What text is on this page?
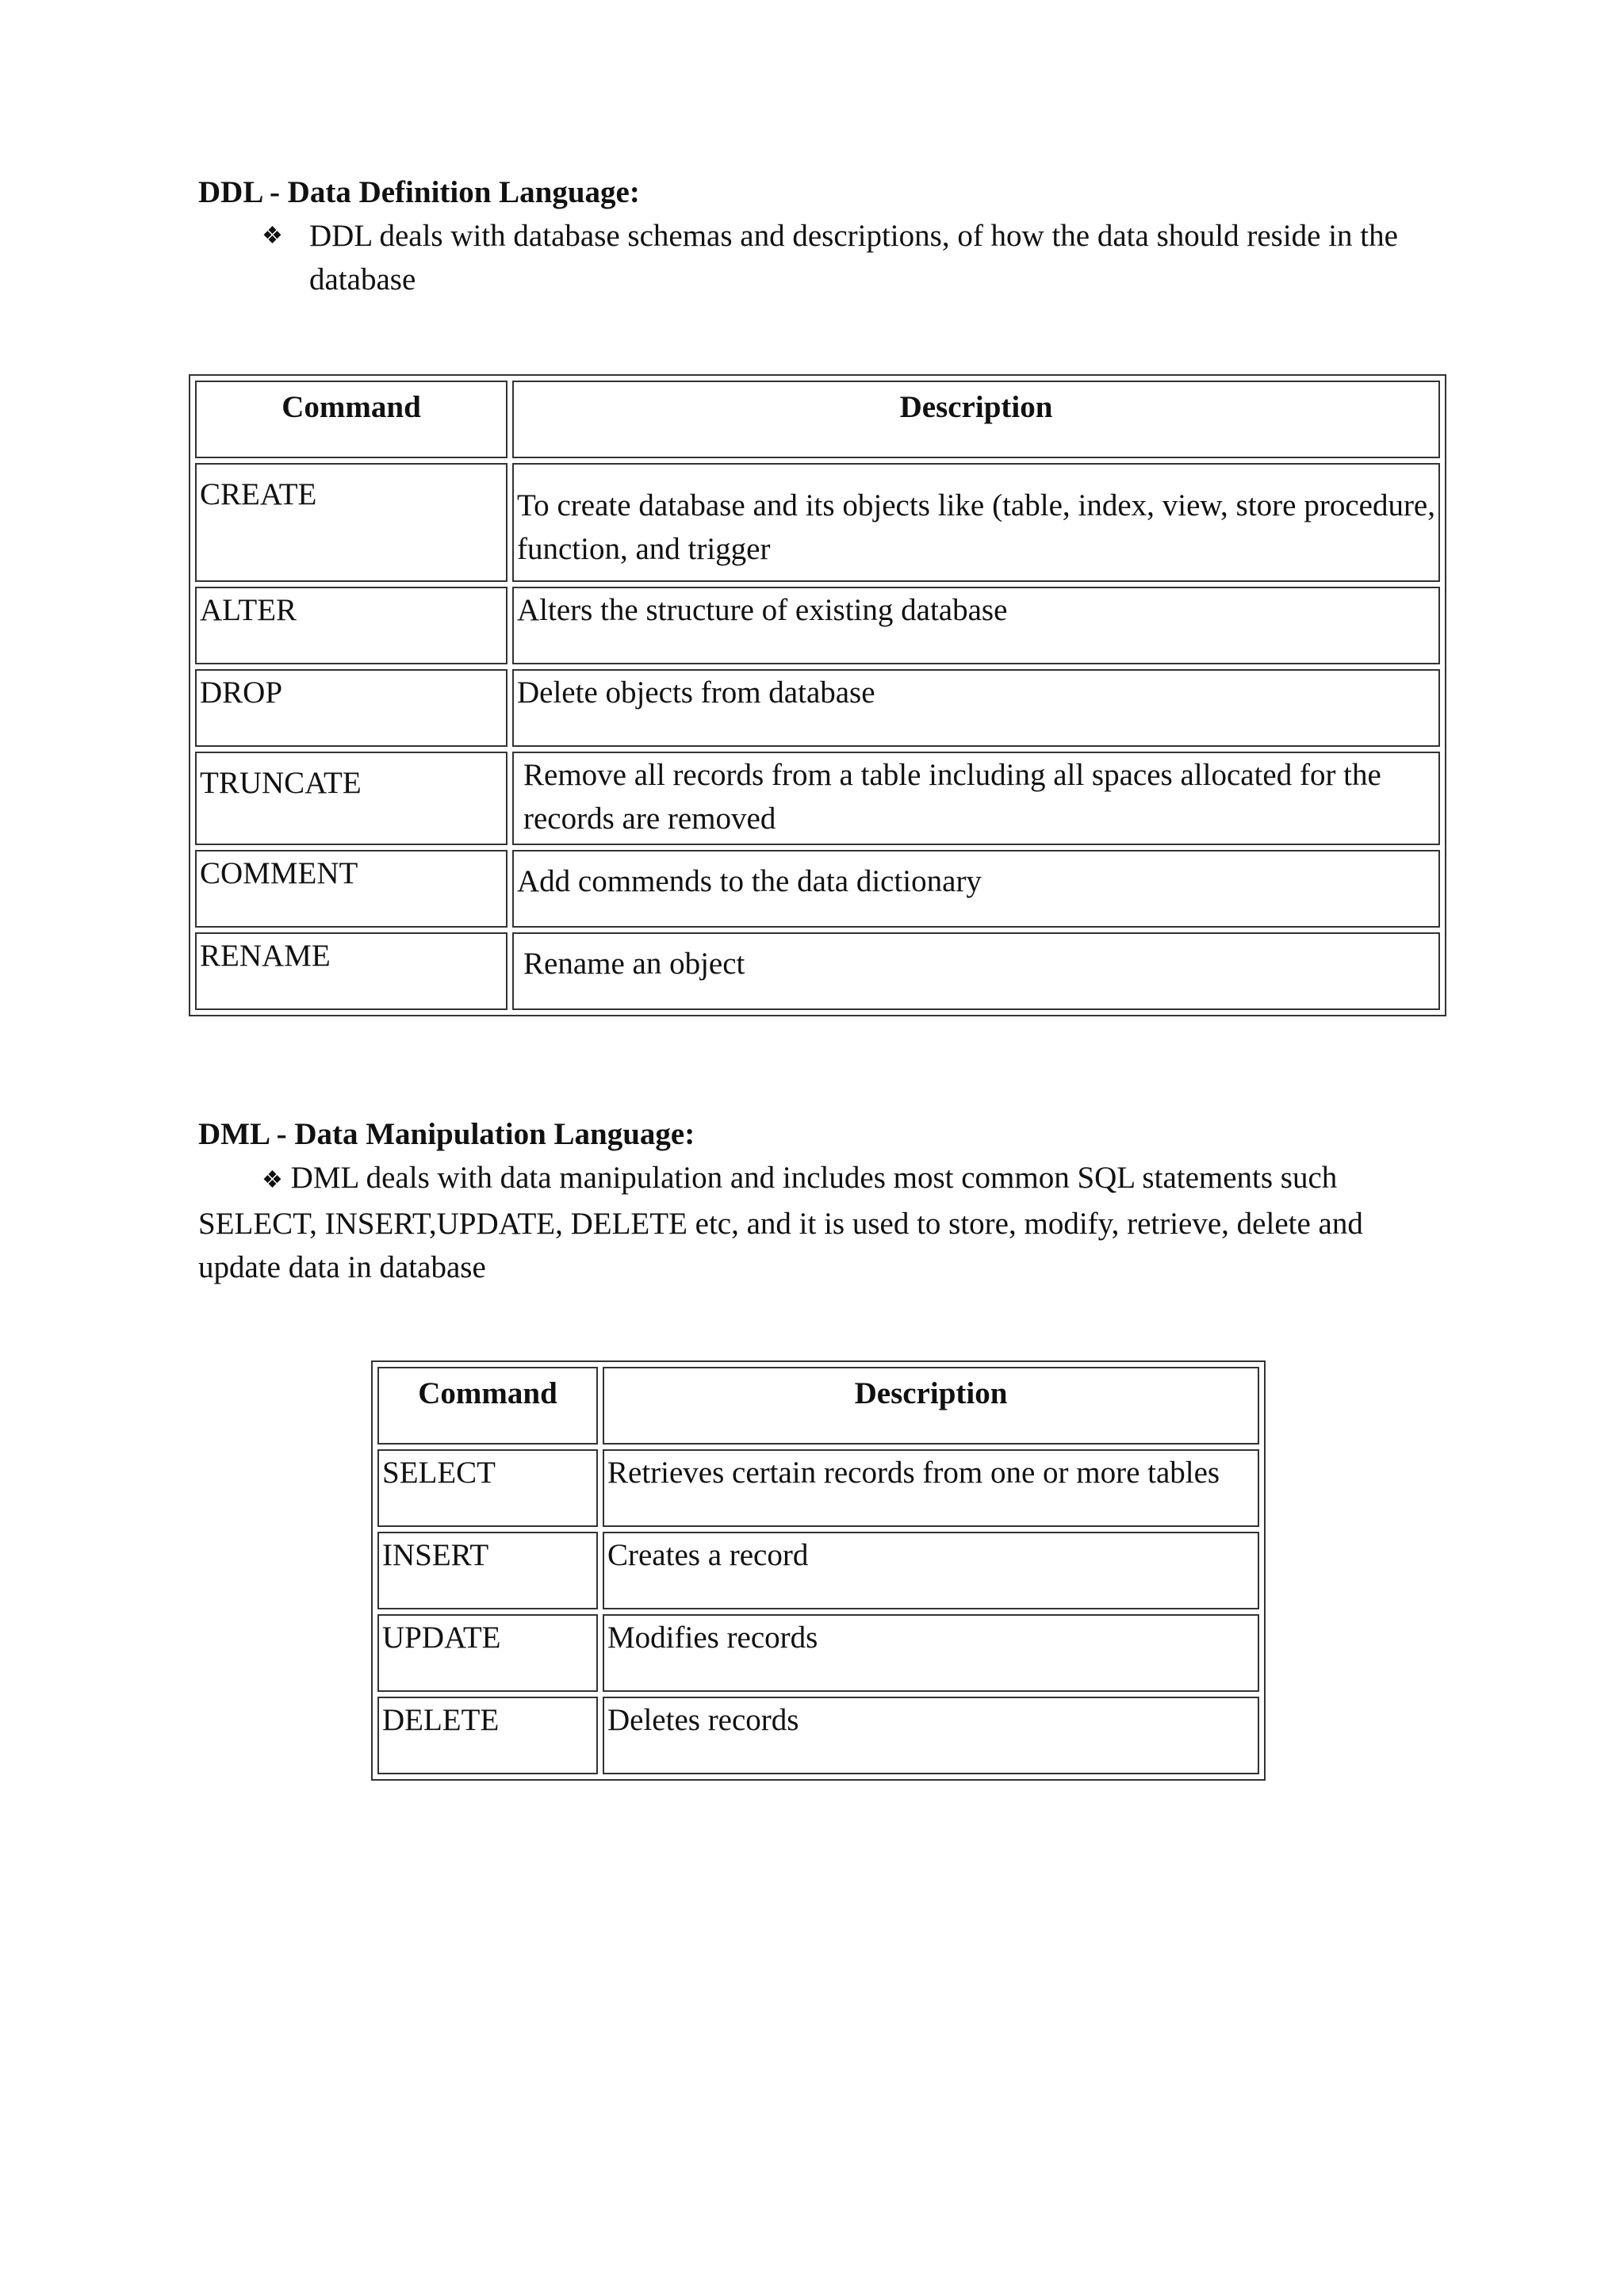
DDL - Data Definition Language:
❖ DDL deals with database schemas and descriptions, of how the data should reside in the database
Command	Description
CREATE	To create database and its objects like (table, index, view, store procedure, function, and trigger
ALTER	Alters the structure of existing database
DROP	Delete objects from database
TRUNCATE	Remove all records from a table including all spaces allocated for the records are removed
COMMENT	Add commends to the data dictionary
RENAME	Rename an object
DML - Data Manipulation Language:
❖ DML deals with data manipulation and includes most common SQL statements such SELECT, INSERT,UPDATE, DELETE etc, and it is used to store, modify, retrieve, delete and update data in database
Command	Description
SELECT	Retrieves certain records from one or more tables
INSERT	Creates a record
UPDATE	Modifies records
DELETE	Deletes records
